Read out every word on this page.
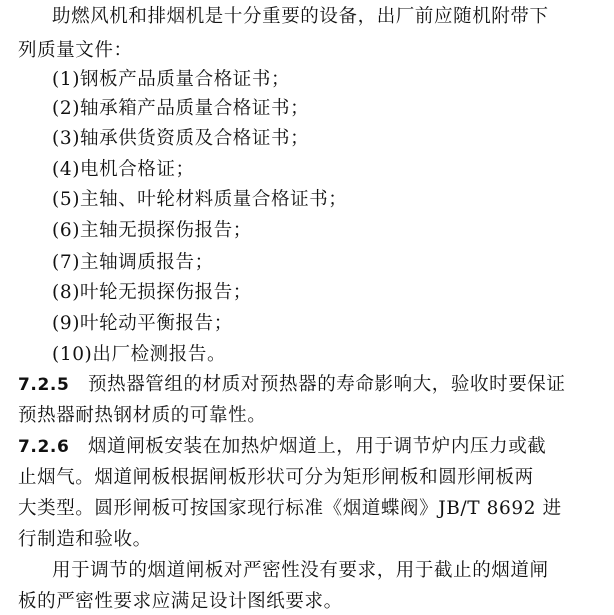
助燃风机和排烟机是十分重要的设备，出厂前应随机附带下
列质量文件：
(1)钢板产品质量合格证书；
(2)轴承箱产品质量合格证书；
(3)轴承供货资质及合格证书；
(4)电机合格证；
(5)主轴、叶轮材料质量合格证书；
(6)主轴无损探伤报告；
(7)主轴调质报告；
(8)叶轮无损探伤报告；
(9)叶轮动平衡报告；
(10)出厂检测报告。
7.2.5 预热器管组的材质对预热器的寿命影响大，验收时要保证
预热器耐热钢材质的可靠性。
7.2.6 烟道闸板安装在加热炉烟道上，用于调节炉内压力或截
止烟气。烟道闸板根据闸板形状可分为矩形闸板和圆形闸板两
大类型。圆形闸板可按国家现行标准《烟道蝶阀》JB/T 8692 进
行制造和验收。
用于调节的烟道闸板对严密性没有要求，用于截止的烟道闸
板的严密性要求应满足设计图纸要求。
